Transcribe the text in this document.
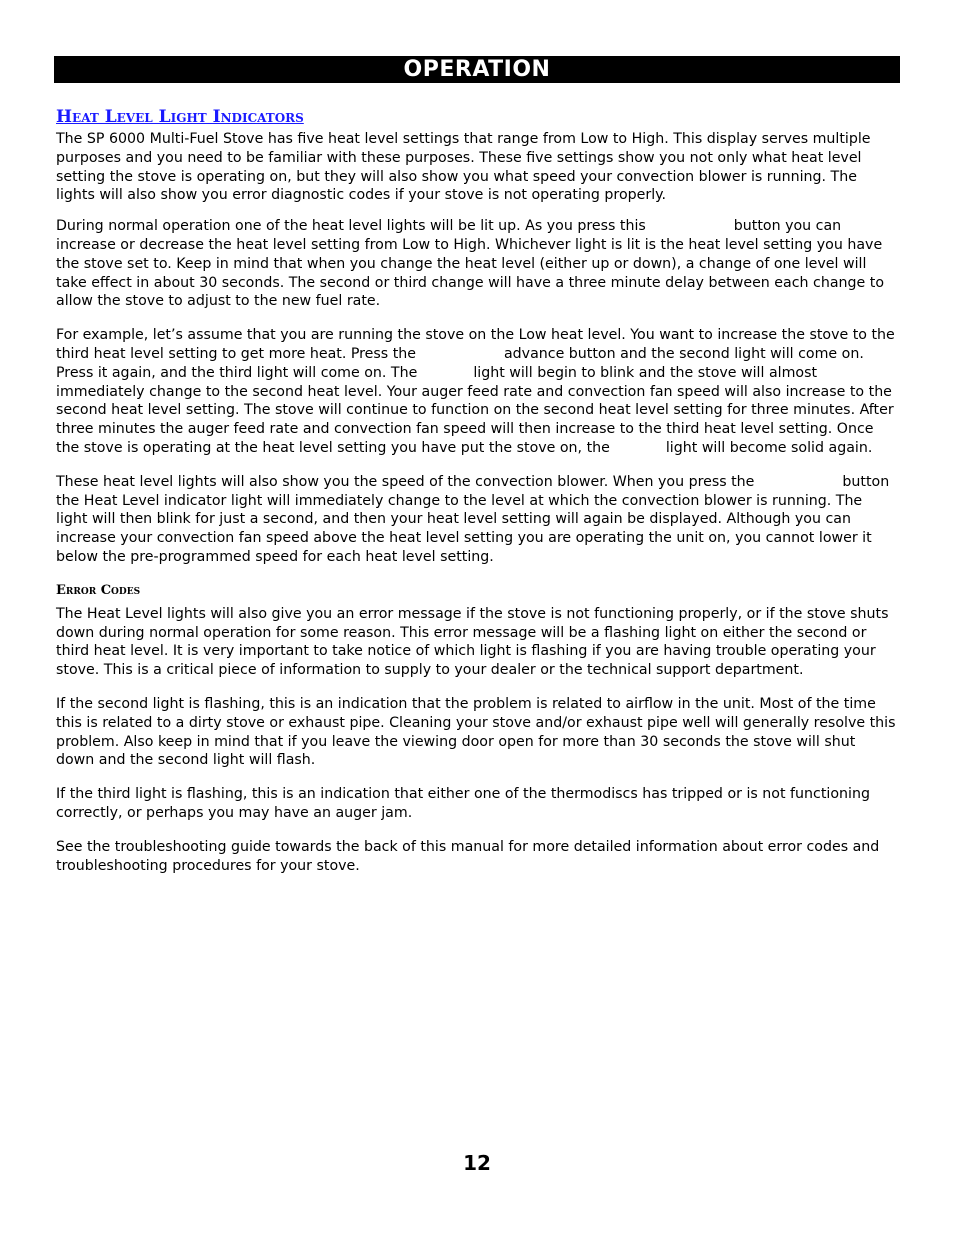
OPERATION
Heat Level Light Indicators

The SP 6000 Multi-Fuel Stove has five heat level settings that range from Low to High. This display serves multiple purposes and you need to be familiar with these purposes. These five settings show you not only what heat level setting the stove is operating on, but they will also show you what speed your convection blower is running. The lights will also show you error diagnostic codes if your stove is not operating properly.

During normal operation one of the heat level lights will be lit up. As you press this	button you can increase or decrease the heat level setting from Low to High. Whichever light is lit is the heat level setting you have the stove set to. Keep in mind that when you change the heat level (either up or down), a change of one level will take effect in about 30 seconds. The second or third change will have a three minute delay between each change to allow the stove to adjust to the new fuel rate.

For example, let’s assume that you are running the stove on the Low heat level. You want to increase the stove to the third heat level setting to get more heat. Press the	advance button and the second light will come on. Press it again, and the third light will come on. The	light will begin to blink and the stove will almost immediately change to the second heat level. Your auger feed rate and convection fan speed will also increase to the second heat level setting. The stove will continue to function on the second heat level setting for three minutes. After three minutes the auger feed rate and convection fan speed will then increase to the third heat level setting. Once the stove is operating at the heat level setting you have put the stove on, the	light will become solid again.

These heat level lights will also show you the speed of the convection blower. When you press the	button the Heat Level indicator light will immediately change to the level at which the convection blower is running. The light will then blink for just a second, and then your heat level setting will again be displayed. Although you can increase your convection fan speed above the heat level setting you are operating the unit on, you cannot lower it below the pre-programmed speed for each heat level setting.

Error Codes

The Heat Level lights will also give you an error message if the stove is not functioning properly, or if the stove shuts down during normal operation for some reason. This error message will be a flashing light on either the second or third heat level. It is very important to take notice of which light is flashing if you are having trouble operating your stove. This is a critical piece of information to supply to your dealer or the technical support department.

If the second light is flashing, this is an indication that the problem is related to airflow in the unit. Most of the time this is related to a dirty stove or exhaust pipe. Cleaning your stove and/or exhaust pipe well will generally resolve this problem. Also keep in mind that if you leave the viewing door open for more than 30 seconds the stove will shut down and the second light will flash.

If the third light is flashing, this is an indication that either one of the thermodiscs has tripped or is not functioning correctly, or perhaps you may have an auger jam.

See the troubleshooting guide towards the back of this manual for more detailed information about error codes and troubleshooting procedures for your stove.

12
